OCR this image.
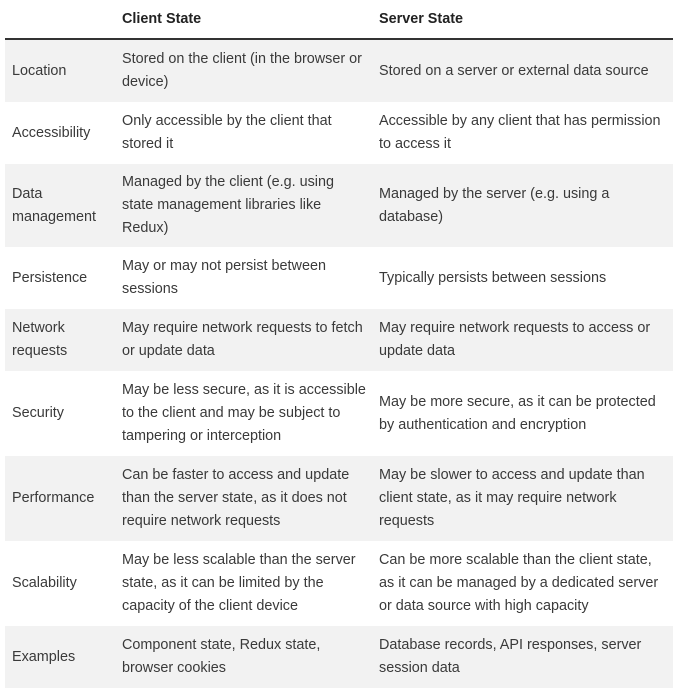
	Client State	Server State
Location	Stored on the client (in the browser or device)	Stored on a server or external data source
Accessibility	Only accessible by the client that stored it	Accessible by any client that has permission to access it
Data management	Managed by the client (e.g. using state management libraries like Redux)	Managed by the server (e.g. using a database)
Persistence	May or may not persist between sessions	Typically persists between sessions
Network requests	May require network requests to fetch or update data	May require network requests to access or update data
Security	May be less secure, as it is accessible to the client and may be subject to tampering or interception	May be more secure, as it can be protected by authentication and encryption
Performance	Can be faster to access and update than the server state, as it does not require network requests	May be slower to access and update than client state, as it may require network requests
Scalability	May be less scalable than the server state, as it can be limited by the capacity of the client device	Can be more scalable than the client state, as it can be managed by a dedicated server or data source with high capacity
Examples	Component state, Redux state, browser cookies	Database records, API responses, server session data
